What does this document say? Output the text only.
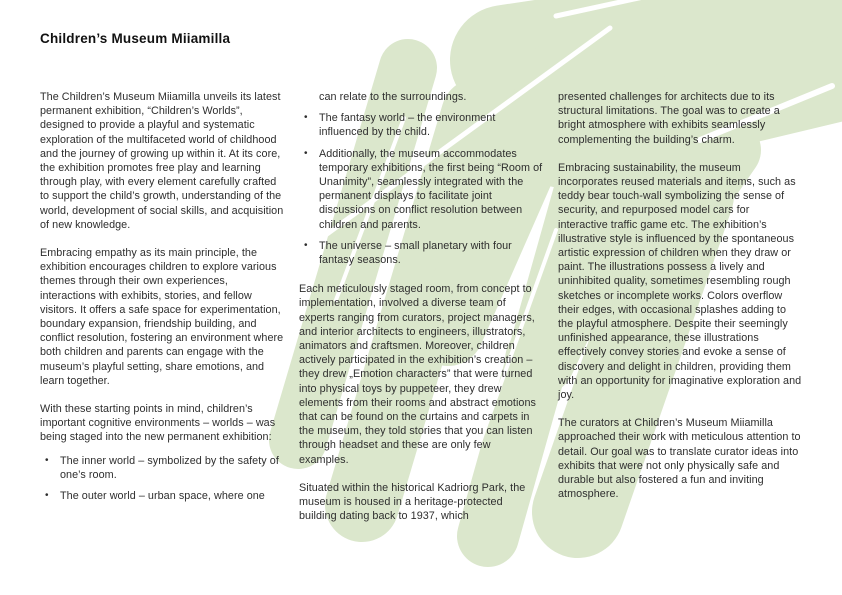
Children’s Museum Miiamilla

The Children’s Museum Miiamilla unveils its latest permanent exhibition, “Children’s Worlds”, designed to provide a playful and systematic exploration of the multifaceted world of childhood and the journey of growing up within it. At its core, the exhibition promotes free play and learning through play, with every element carefully crafted to support the child’s growth, understanding of the world, development of social skills, and acquisition of new knowledge.

Embracing empathy as its main principle, the exhibition encourages children to explore various themes through their own experiences, interactions with exhibits, stories, and fellow visitors. It offers a safe space for experimentation, boundary expansion, friendship building, and conflict resolution, fostering an environment where both children and parents can engage with the museum’s playful setting, share emotions, and learn together.

With these starting points in mind, children’s important cognitive environments – worlds – was being staged into the new permanent exhibition:

• The inner world – symbolized by the safety of one’s room.
• The outer world – urban space, where one
can relate to the surroundings.
• The fantasy world – the environment influenced by the child.
• Additionally, the museum accommodates temporary exhibitions, the first being “Room of Unanimity”, seamlessly integrated with the permanent displays to facilitate joint discussions on conflict resolution between children and parents.
• The universe – small planetary with four fantasy seasons.

Each meticulously staged room, from concept to implementation, involved a diverse team of experts ranging from curators, project managers, and interior architects to engineers, illustrators, animators and craftsmen. Moreover, children actively participated in the exhibition’s creation – they drew „Emotion characters” that were turned into physical toys by puppeteer, they drew elements from their rooms and abstract emotions that can be found on the curtains and carpets in the museum, they told stories that you can listen through headset and these are only few examples.

Situated within the historical Kadriorg Park, the museum is housed in a heritage-protected building dating back to 1937, which

presented challenges for architects due to its structural limitations. The goal was to create a bright atmosphere with exhibits seamlessly complementing the building’s charm.

Embracing sustainability, the museum incorporates reused materials and items, such as teddy bear touch-wall symbolizing the sense of security, and repurposed model cars for interactive traffic game etc. The exhibition’s illustrative style is influenced by the spontaneous artistic expression of children when they draw or paint. The illustrations possess a lively and uninhibited quality, sometimes resembling rough sketches or incomplete works. Colors overflow their edges, with occasional splashes adding to the playful atmosphere. Despite their seemingly unfinished appearance, these illustrations effectively convey stories and evoke a sense of discovery and delight in children, providing them with an opportunity for imaginative exploration and joy.

The curators at Children’s Museum Miiamilla approached their work with meticulous attention to detail. Our goal was to translate curator ideas into exhibits that were not only physically safe and durable but also fostered a fun and inviting atmosphere.
